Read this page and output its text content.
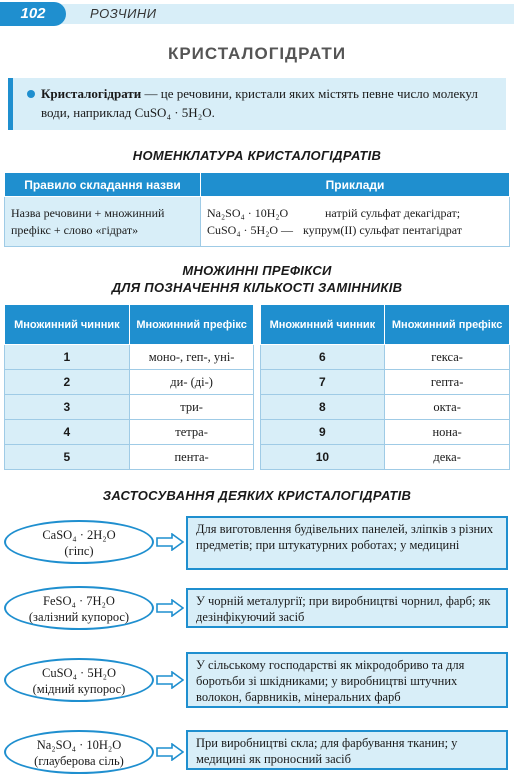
102	РОЗЧИНИ
КРИСТАЛОГІДРАТИ
Кристалогідрати — це речовини, кристали яких містять певне число молекул води, наприклад CuSO₄ · 5H₂O.
НОМЕНКЛАТУРА КРИСТАЛОГІДРАТІВ
Правило складання назви	Приклади
Назва речовини + множинний префікс + слово «гідрат»	Na₂SO₄ · 10H₂O натрій сульфат декагідрат;
CuSO₄ · 5H₂O — купрум(II) сульфат пентагідрат
МНОЖИННІ ПРЕФІКСИ
ДЛЯ ПОЗНАЧЕННЯ КІЛЬКОСТІ ЗАМІННИКІВ
Множинний чинник	Множинний префікс		Множинний чинник	Множинний префікс
1	моно-, геп-, уні-		6	гекса-
2	ди- (ді-)		7	гепта-
3	три-		8	окта-
4	тетра-		9	нона-
5	пента-		10	дека-
ЗАСТОСУВАННЯ ДЕЯКИХ КРИСТАЛОГІДРАТІВ
CaSO₄ · 2H₂O
(гіпс)
Для виготовлення будівельних панелей, зліпків з різних предметів; при штукатурних роботах; у медицині
FeSO₄ · 7H₂O
(залізний купорос)
У чорній металургії; при виробництві чорнил, фарб; як дезінфікуючий засіб
CuSO₄ · 5H₂O
(мідний купорос)
У сільському господарстві як мікродобриво та для боротьби зі шкідниками; у виробництві штучних волокон, барвників, мінеральних фарб
Na₂SO₄ · 10H₂O
(глауберова сіль)
При виробництві скла; для фарбування тканин; у медицині як проносний засіб
